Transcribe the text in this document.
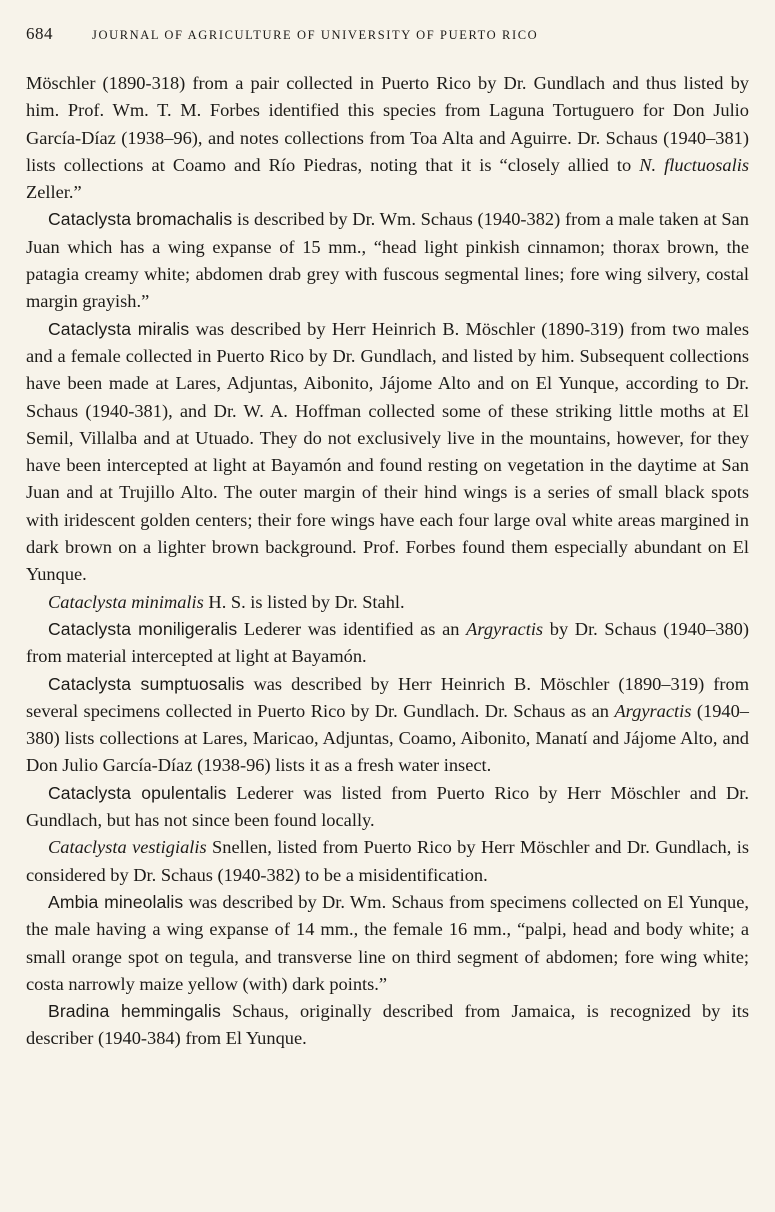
684	JOURNAL OF AGRICULTURE OF UNIVERSITY OF PUERTO RICO

Möschler (1890-318) from a pair collected in Puerto Rico by Dr. Gundlach and thus listed by him. Prof. Wm. T. M. Forbes identified this species from Laguna Tortuguero for Don Julio García-Díaz (1938–96), and notes collections from Toa Alta and Aguirre. Dr. Schaus (1940–381) lists collections at Coamo and Río Piedras, noting that it is “closely allied to N. fluctuosalis Zeller.”

Cataclysta bromachalis is described by Dr. Wm. Schaus (1940-382) from a male taken at San Juan which has a wing expanse of 15 mm., “head light pinkish cinnamon; thorax brown, the patagia creamy white; abdomen drab grey with fuscous segmental lines; fore wing silvery, costal margin grayish.”

Cataclysta miralis was described by Herr Heinrich B. Möschler (1890-319) from two males and a female collected in Puerto Rico by Dr. Gundlach, and listed by him. Subsequent collections have been made at Lares, Adjuntas, Aibonito, Jájome Alto and on El Yunque, according to Dr. Schaus (1940-381), and Dr. W. A. Hoffman collected some of these striking little moths at El Semil, Villalba and at Utuado. They do not exclusively live in the mountains, however, for they have been intercepted at light at Bayamón and found resting on vegetation in the daytime at San Juan and at Trujillo Alto. The outer margin of their hind wings is a series of small black spots with iridescent golden centers; their fore wings have each four large oval white areas margined in dark brown on a lighter brown background. Prof. Forbes found them especially abundant on El Yunque.

Cataclysta minimalis H. S. is listed by Dr. Stahl.

Cataclysta moniligeralis Lederer was identified as an Argyractis by Dr. Schaus (1940–380) from material intercepted at light at Bayamón.

Cataclysta sumptuosalis was described by Herr Heinrich B. Möschler (1890–319) from several specimens collected in Puerto Rico by Dr. Gundlach. Dr. Schaus as an Argyractis (1940–380) lists collections at Lares, Maricao, Adjuntas, Coamo, Aibonito, Manatí and Jájome Alto, and Don Julio García-Díaz (1938-96) lists it as a fresh water insect.

Cataclysta opulentalis Lederer was listed from Puerto Rico by Herr Möschler and Dr. Gundlach, but has not since been found locally.

Cataclysta vestigialis Snellen, listed from Puerto Rico by Herr Möschler and Dr. Gundlach, is considered by Dr. Schaus (1940-382) to be a misidentification.

Ambia mineolalis was described by Dr. Wm. Schaus from specimens collected on El Yunque, the male having a wing expanse of 14 mm., the female 16 mm., “palpi, head and body white; a small orange spot on tegula, and transverse line on third segment of abdomen; fore wing white; costa narrowly maize yellow (with) dark points.”

Bradina hemmingalis Schaus, originally described from Jamaica, is recognized by its describer (1940-384) from El Yunque.
